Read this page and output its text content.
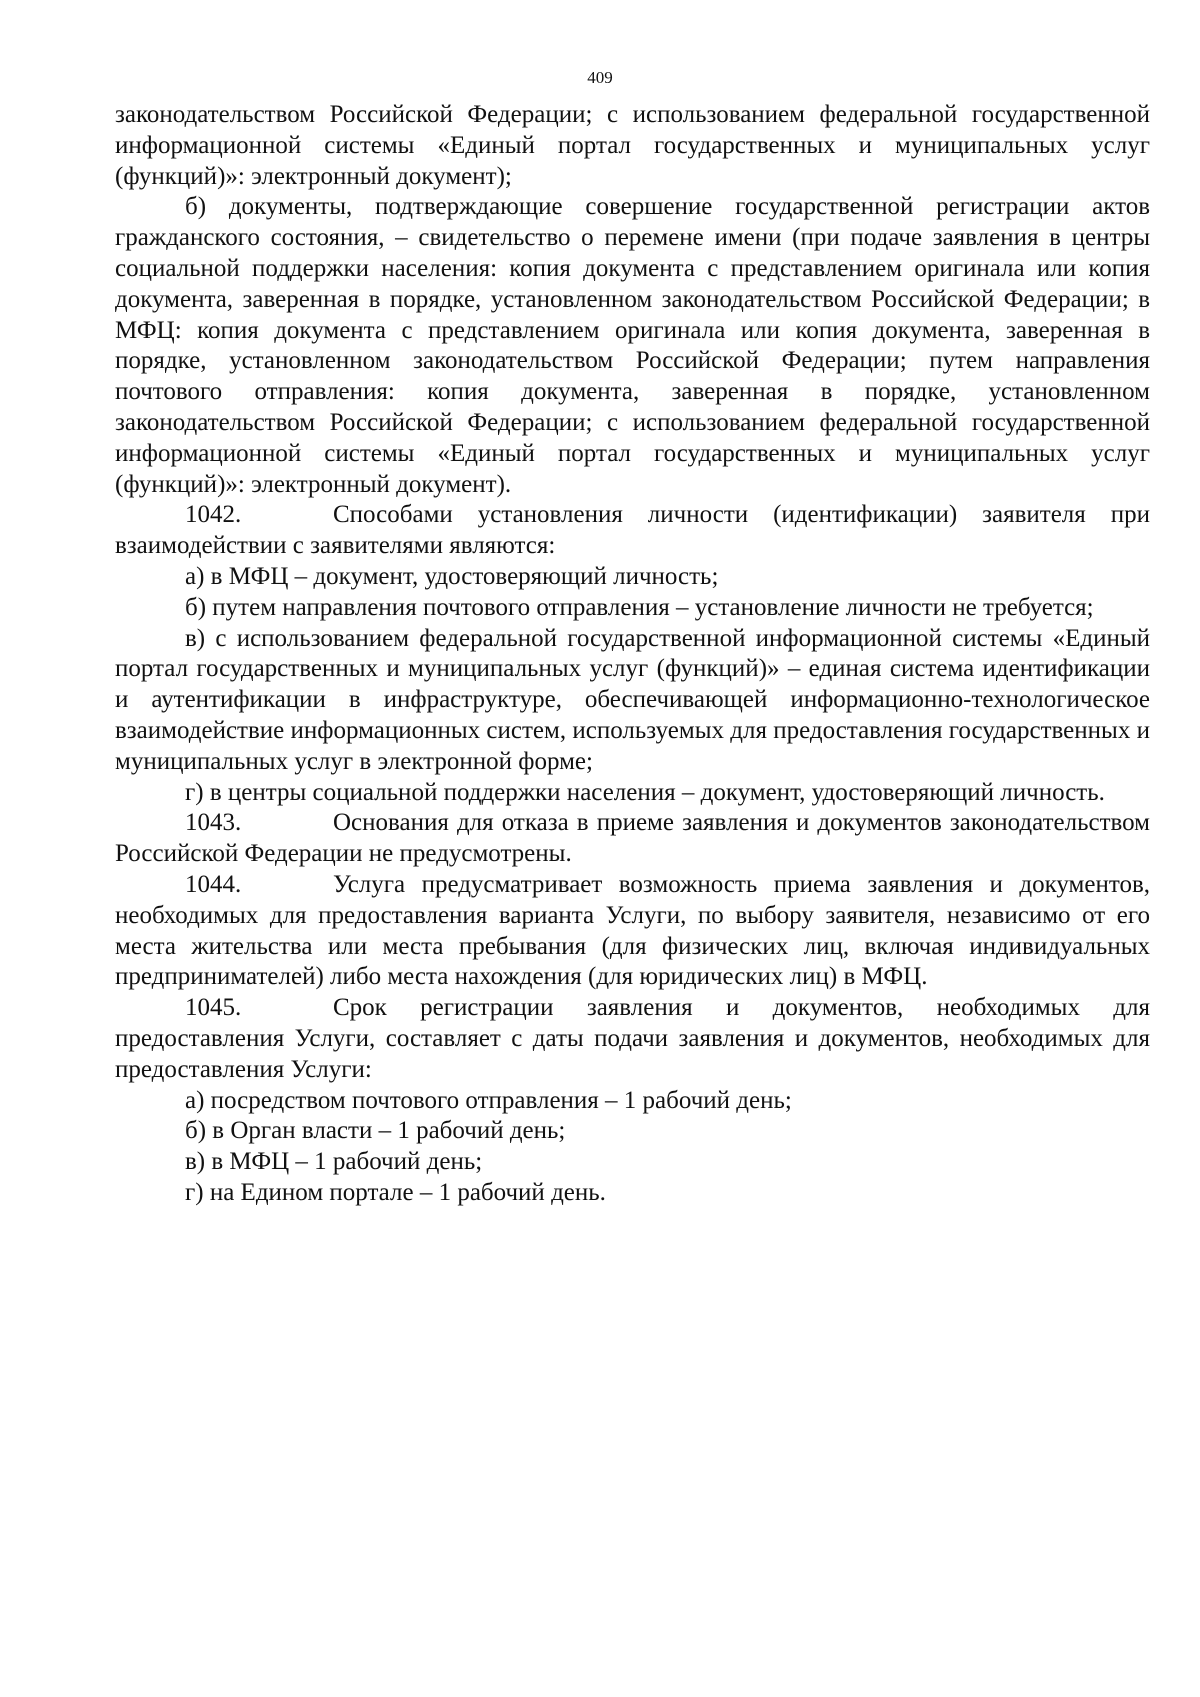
409

законодательством Российской Федерации; с использованием федеральной государственной информационной системы «Единый портал государственных и муниципальных услуг (функций)»: электронный документ);

б) документы, подтверждающие совершение государственной регистрации актов гражданского состояния, – свидетельство о перемене имени (при подаче заявления в центры социальной поддержки населения: копия документа с представлением оригинала или копия документа, заверенная в порядке, установленном законодательством Российской Федерации; в МФЦ: копия документа с представлением оригинала или копия документа, заверенная в порядке, установленном законодательством Российской Федерации; путем направления почтового отправления: копия документа, заверенная в порядке, установленном законодательством Российской Федерации; с использованием федеральной государственной информационной системы «Единый портал государственных и муниципальных услуг (функций)»: электронный документ).

1042.	Способами установления личности (идентификации) заявителя при взаимодействии с заявителями являются:

а) в МФЦ – документ, удостоверяющий личность;

б) путем направления почтового отправления – установление личности не требуется;

в) с использованием федеральной государственной информационной системы «Единый портал государственных и муниципальных услуг (функций)» – единая система идентификации и аутентификации в инфраструктуре, обеспечивающей информационно-технологическое взаимодействие информационных систем, используемых для предоставления государственных и муниципальных услуг в электронной форме;

г) в центры социальной поддержки населения – документ, удостоверяющий личность.

1043.	Основания для отказа в приеме заявления и документов законодательством Российской Федерации не предусмотрены.

1044.	Услуга предусматривает возможность приема заявления и документов, необходимых для предоставления варианта Услуги, по выбору заявителя, независимо от его места жительства или места пребывания (для физических лиц, включая индивидуальных предпринимателей) либо места нахождения (для юридических лиц) в МФЦ.

1045.	Срок регистрации заявления и документов, необходимых для предоставления Услуги, составляет с даты подачи заявления и документов, необходимых для предоставления Услуги:

а) посредством почтового отправления – 1 рабочий день;

б) в Орган власти – 1 рабочий день;

в) в МФЦ – 1 рабочий день;

г) на Едином портале – 1 рабочий день.
